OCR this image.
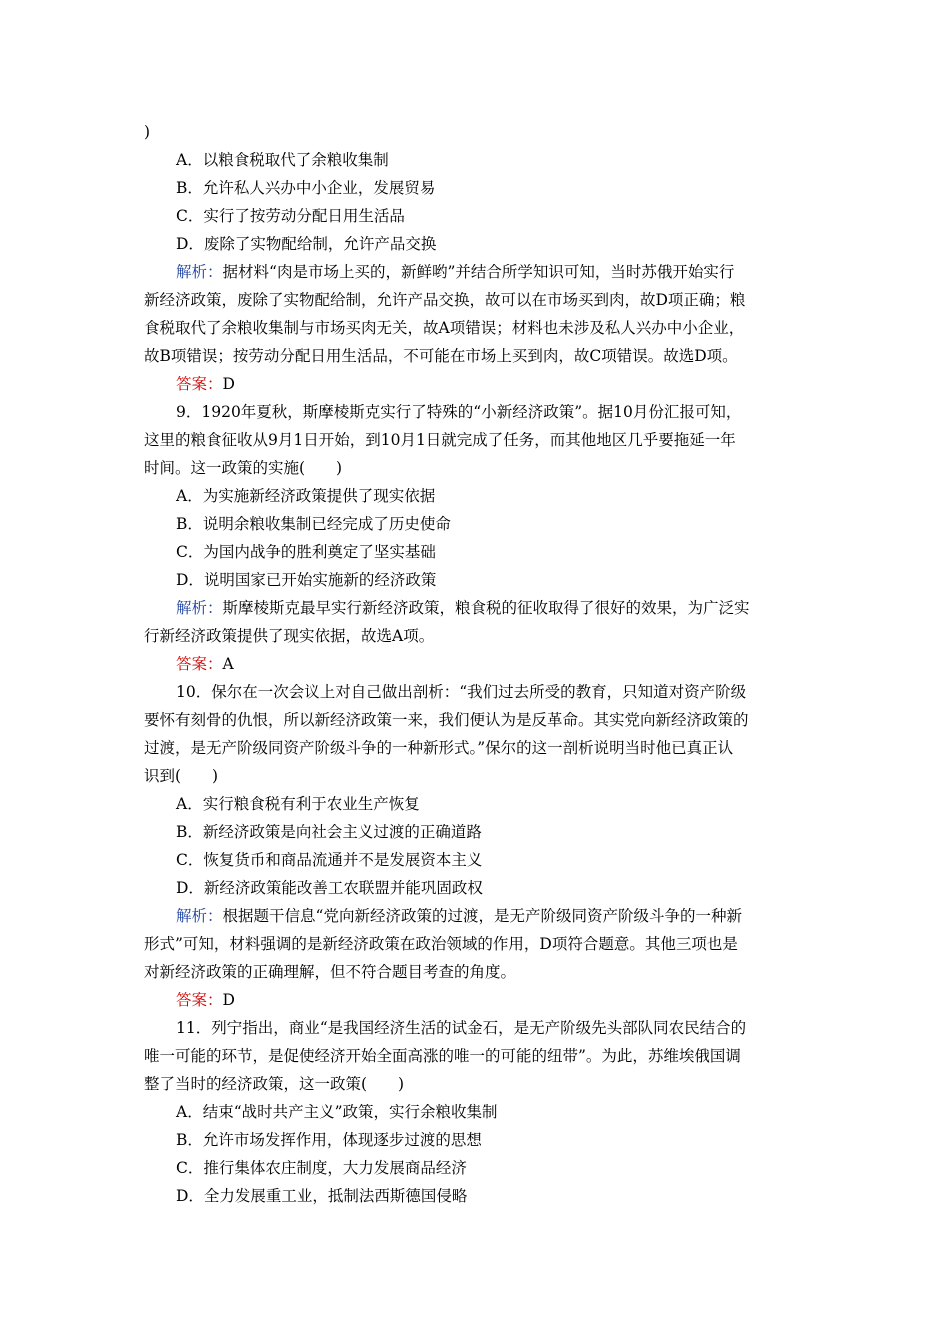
)
A．以粮食税取代了余粮收集制
B．允许私人兴办中小企业，发展贸易
C．实行了按劳动分配日用生活品
D．废除了实物配给制，允许产品交换
解析：据材料“肉是市场上买的，新鲜哟”并结合所学知识可知，当时苏俄开始实行
新经济政策，废除了实物配给制，允许产品交换，故可以在市场买到肉，故D项正确；粮
食税取代了余粮收集制与市场买肉无关，故A项错误；材料也未涉及私人兴办中小企业，
故B项错误；按劳动分配日用生活品，不可能在市场上买到肉，故C项错误。故选D项。
答案：D
9．1920年夏秋，斯摩棱斯克实行了特殊的“小新经济政策”。据10月份汇报可知，
这里的粮食征收从9月1日开始，到10月1日就完成了任务，而其他地区几乎要拖延一年
时间。这一政策的实施(　　)
A．为实施新经济政策提供了现实依据
B．说明余粮收集制已经完成了历史使命
C．为国内战争的胜利奠定了坚实基础
D．说明国家已开始实施新的经济政策
解析：斯摩棱斯克最早实行新经济政策，粮食税的征收取得了很好的效果，为广泛实
行新经济政策提供了现实依据，故选A项。
答案：A
10．保尔在一次会议上对自己做出剖析：“我们过去所受的教育，只知道对资产阶级
要怀有刻骨的仇恨，所以新经济政策一来，我们便认为是反革命。其实党向新经济政策的
过渡，是无产阶级同资产阶级斗争的一种新形式。”保尔的这一剖析说明当时他已真正认
识到(　　)
A．实行粮食税有利于农业生产恢复
B．新经济政策是向社会主义过渡的正确道路
C．恢复货币和商品流通并不是发展资本主义
D．新经济政策能改善工农联盟并能巩固政权
解析：根据题干信息“党向新经济政策的过渡，是无产阶级同资产阶级斗争的一种新
形式”可知，材料强调的是新经济政策在政治领域的作用，D项符合题意。其他三项也是
对新经济政策的正确理解，但不符合题目考查的角度。
答案：D
11．列宁指出，商业“是我国经济生活的试金石，是无产阶级先头部队同农民结合的
唯一可能的环节，是促使经济开始全面高涨的唯一的可能的纽带”。为此，苏维埃俄国调
整了当时的经济政策，这一政策(　　)
A．结束“战时共产主义”政策，实行余粮收集制
B．允许市场发挥作用，体现逐步过渡的思想
C．推行集体农庄制度，大力发展商品经济
D．全力发展重工业，抵制法西斯德国侵略
